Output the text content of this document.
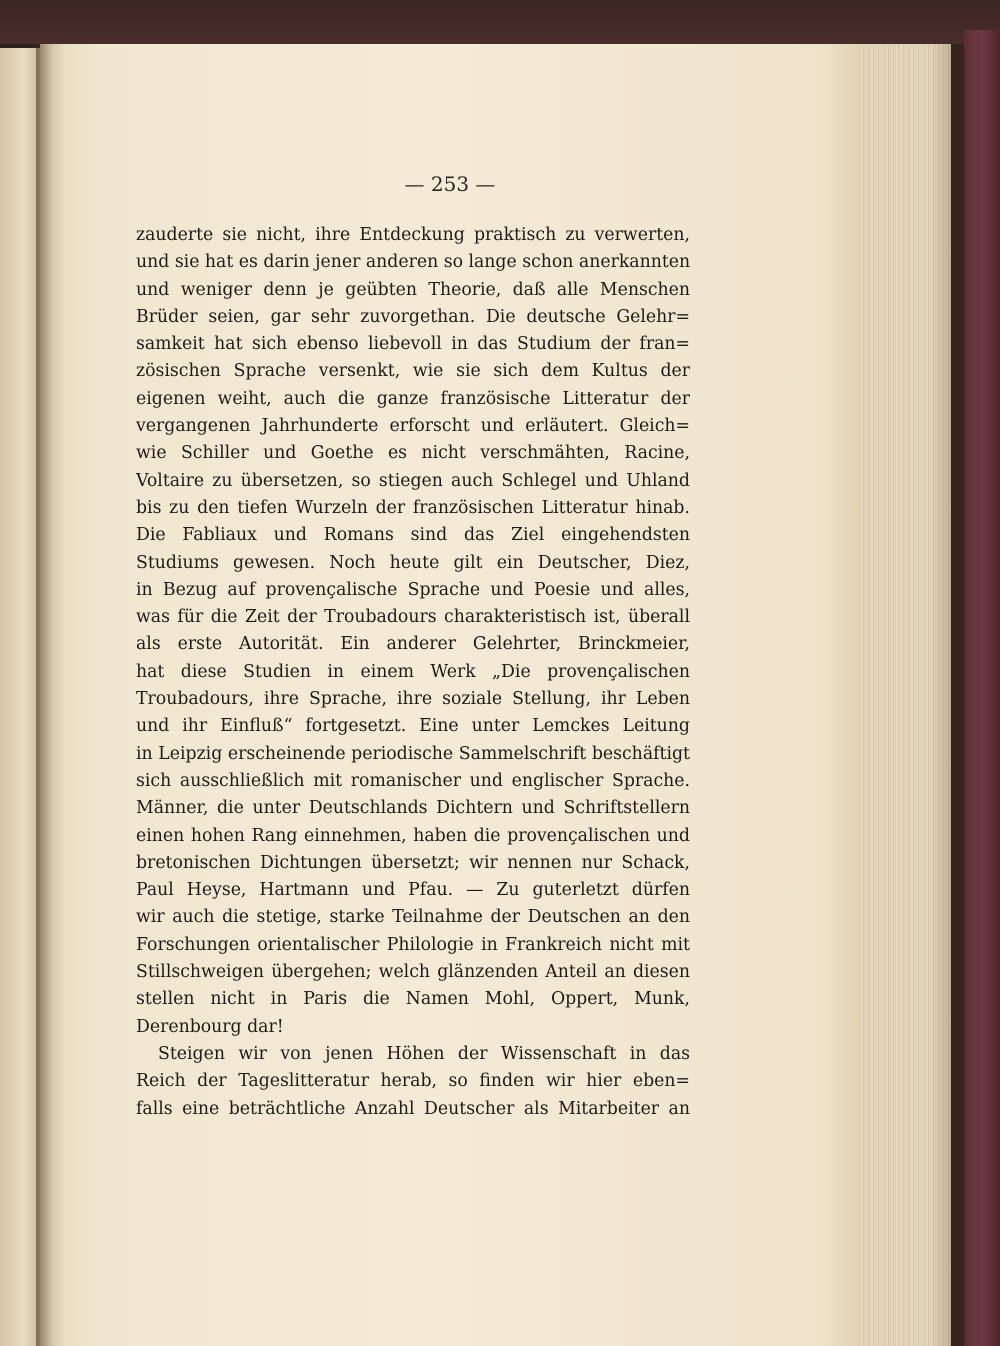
— 253 —
zauderte sie nicht, ihre Entdeckung praktisch zu verwerten,
und sie hat es darin jener anderen so lange schon anerkannten
und weniger denn je geübten Theorie, daß alle Menschen
Brüder seien, gar sehr zuvorgethan. Die deutsche Gelehr=
samkeit hat sich ebenso liebevoll in das Studium der fran=
zösischen Sprache versenkt, wie sie sich dem Kultus der
eigenen weiht, auch die ganze französische Litteratur der
vergangenen Jahrhunderte erforscht und erläutert. Gleich=
wie Schiller und Goethe es nicht verschmähten, Racine,
Voltaire zu übersetzen, so stiegen auch Schlegel und Uhland
bis zu den tiefen Wurzeln der französischen Litteratur hinab.
Die Fabliaux und Romans sind das Ziel eingehendsten
Studiums gewesen. Noch heute gilt ein Deutscher, Diez,
in Bezug auf provençalische Sprache und Poesie und alles,
was für die Zeit der Troubadours charakteristisch ist, überall
als erste Autorität. Ein anderer Gelehrter, Brinckmeier,
hat diese Studien in einem Werk „Die provençalischen
Troubadours, ihre Sprache, ihre soziale Stellung, ihr Leben
und ihr Einfluß“ fortgesetzt. Eine unter Lemckes Leitung
in Leipzig erscheinende periodische Sammelschrift beschäftigt
sich ausschließlich mit romanischer und englischer Sprache.
Männer, die unter Deutschlands Dichtern und Schriftstellern
einen hohen Rang einnehmen, haben die provençalischen und
bretonischen Dichtungen übersetzt; wir nennen nur Schack,
Paul Heyse, Hartmann und Pfau. — Zu guterletzt dürfen
wir auch die stetige, starke Teilnahme der Deutschen an den
Forschungen orientalischer Philologie in Frankreich nicht mit
Stillschweigen übergehen; welch glänzenden Anteil an diesen
stellen nicht in Paris die Namen Mohl, Oppert, Munk,
Derenbourg dar!
Steigen wir von jenen Höhen der Wissenschaft in das
Reich der Tageslitteratur herab, so finden wir hier eben=
falls eine beträchtliche Anzahl Deutscher als Mitarbeiter an
